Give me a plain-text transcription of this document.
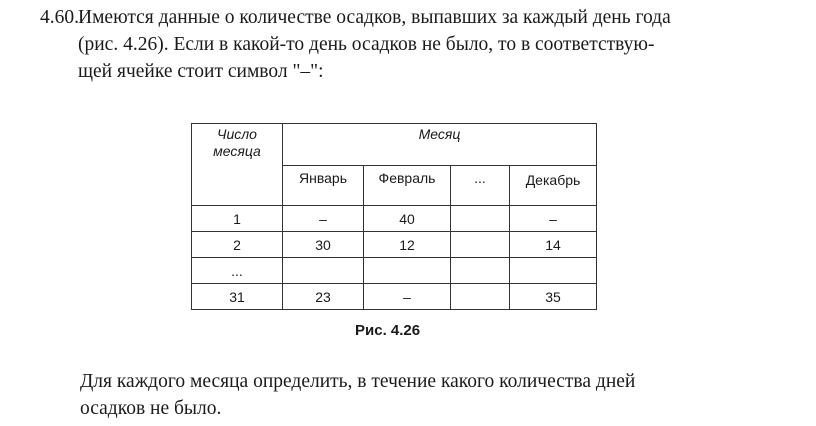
4.60.Имеются данные о количестве осадков, выпавших за каждый день года
(рис. 4.26). Если в какой-то день осадков не было, то в соответствую-
щей ячейке стоит символ "–":
Число месяца	Месяц			
	Январь	Февраль	...	Декабрь
1	–	40		–
2	30	12		14
...				
31	23	–		35
Рис. 4.26
Для каждого месяца определить, в течение какого количества дней
осадков не было.
